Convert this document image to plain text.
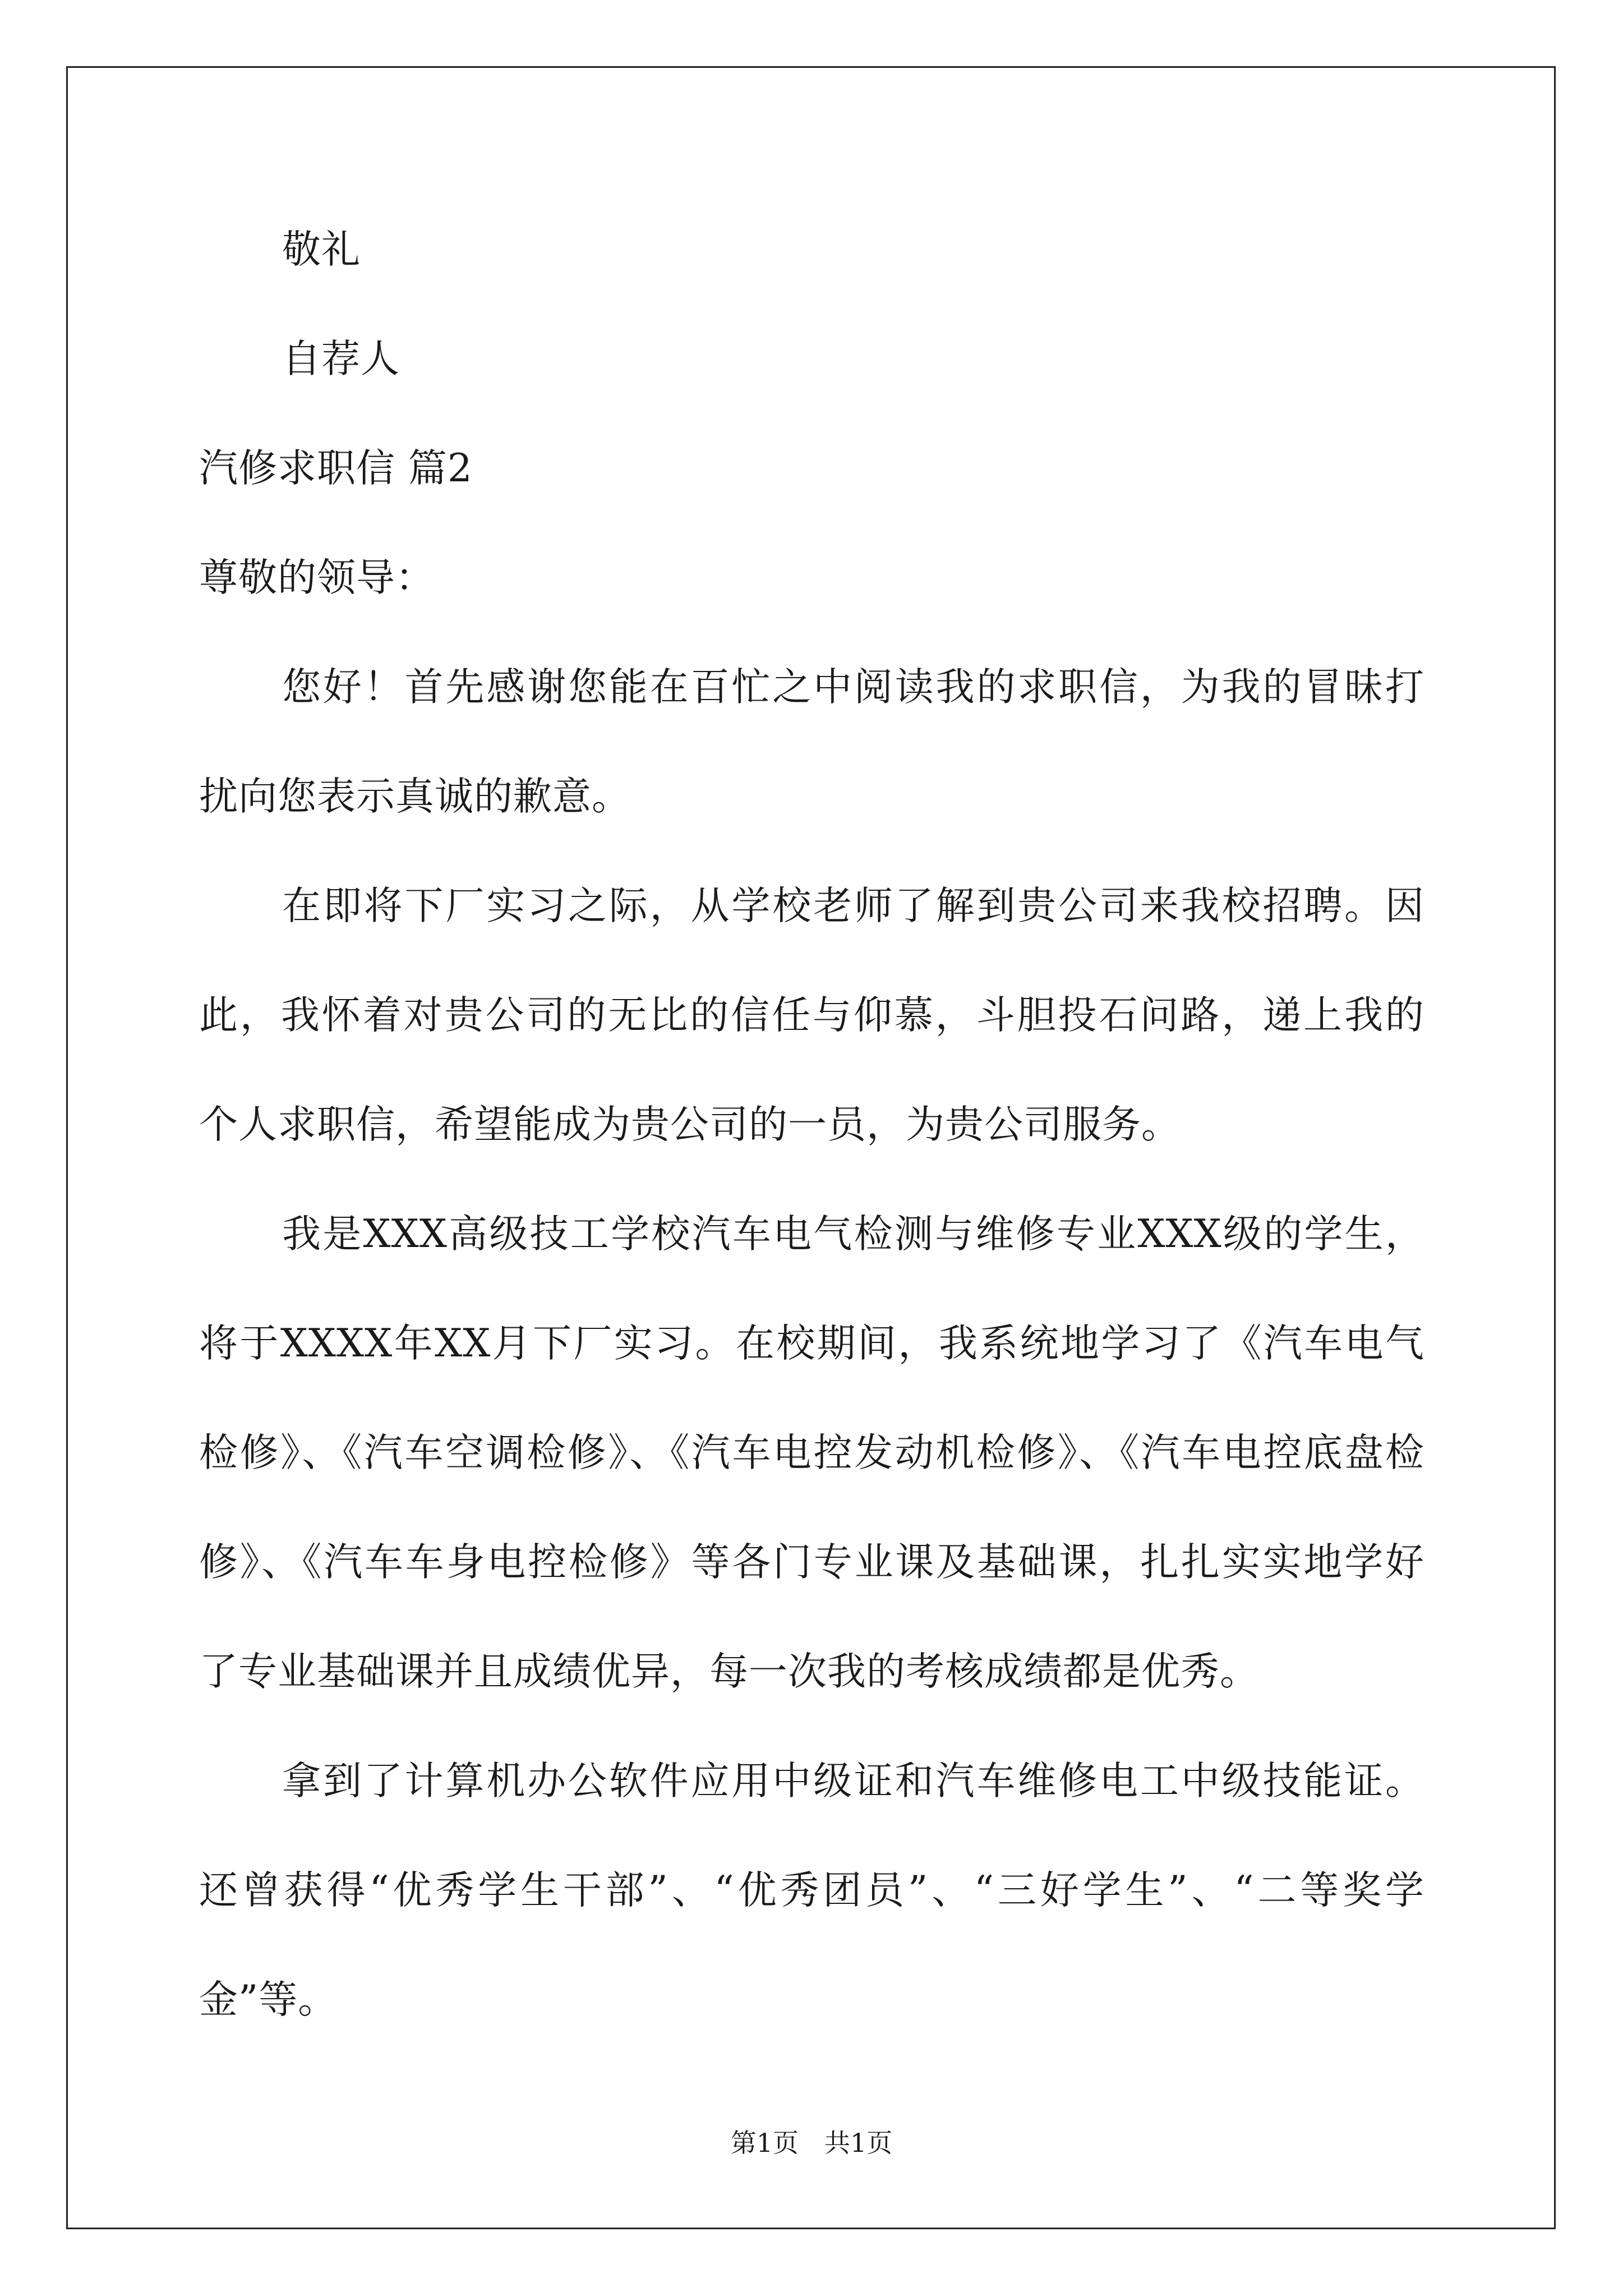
敬礼
自荐人
汽修求职信 篇2
尊敬的领导：
您好！首先感谢您能在百忙之中阅读我的求职信，为我的冒昧打
扰向您表示真诚的歉意。
在即将下厂实习之际，从学校老师了解到贵公司来我校招聘。因
此，我怀着对贵公司的无比的信任与仰慕，斗胆投石问路，递上我的
个人求职信，希望能成为贵公司的一员，为贵公司服务。
我是XXX高级技工学校汽车电气检测与维修专业XXX级的学生，
将于XXXX年XX月下厂实习。在校期间，我系统地学习了《汽车电气
检修》、《汽车空调检修》、《汽车电控发动机检修》、《汽车电控底盘检
修》、《汽车车身电控检修》等各门专业课及基础课，扎扎实实地学好
了专业基础课并且成绩优异，每一次我的考核成绩都是优秀。
拿到了计算机办公软件应用中级证和汽车维修电工中级技能证。
还曾获得“优秀学生干部”、“优秀团员”、“三好学生”、“二等奖学
金”等。
第1页　共1页
